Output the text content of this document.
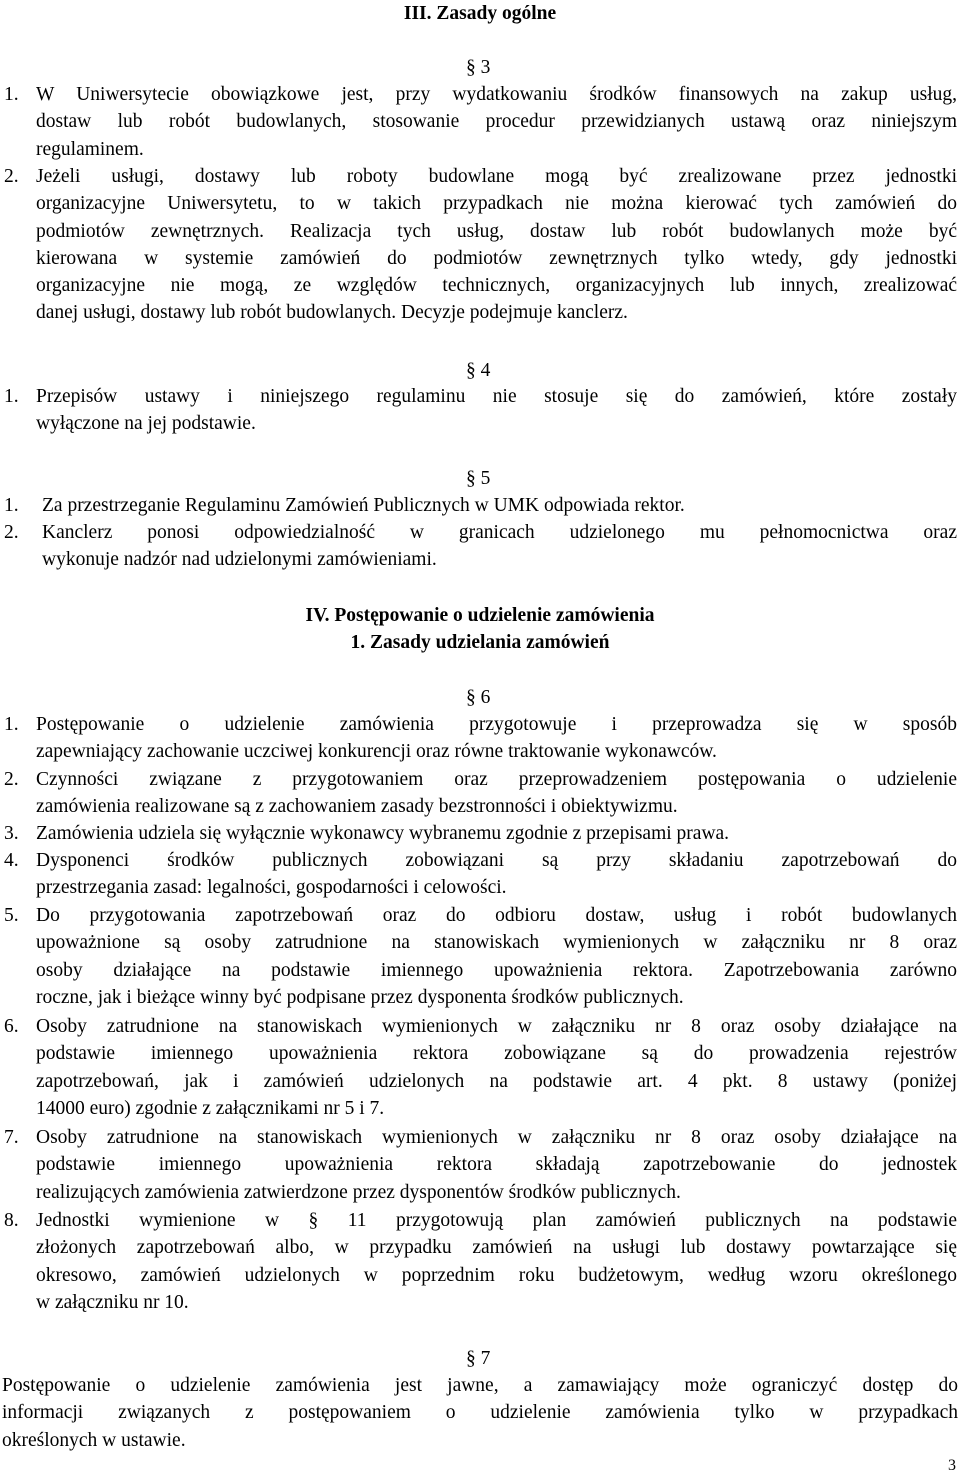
III. Zasady ogólne
§ 3
1. W Uniwersytecie obowiązkowe jest, przy wydatkowaniu środków finansowych na zakup usług,
dostaw lub robót budowlanych, stosowanie procedur przewidzianych ustawą oraz niniejszym
regulaminem.
2. Jeżeli usługi, dostawy lub roboty budowlane mogą być zrealizowane przez jednostki
organizacyjne Uniwersytetu, to w takich przypadkach nie można kierować tych zamówień do
podmiotów zewnętrznych. Realizacja tych usług, dostaw lub robót budowlanych może być
kierowana w systemie zamówień do podmiotów zewnętrznych tylko wtedy, gdy jednostki
organizacyjne nie mogą, ze względów technicznych, organizacyjnych lub innych, zrealizować
danej usługi, dostawy lub robót budowlanych. Decyzje podejmuje kanclerz.
§ 4
1. Przepisów ustawy i niniejszego regulaminu nie stosuje się do zamówień, które zostały
wyłączone na jej podstawie.
§ 5
1. Za przestrzeganie Regulaminu Zamówień Publicznych w UMK odpowiada rektor.
2. Kanclerz ponosi odpowiedzialność w granicach udzielonego mu pełnomocnictwa oraz
wykonuje nadzór nad udzielonymi zamówieniami.
IV. Postępowanie o udzielenie zamówienia
1. Zasady udzielania zamówień
§ 6
1. Postępowanie o udzielenie zamówienia przygotowuje i przeprowadza się w sposób
zapewniający zachowanie uczciwej konkurencji oraz równe traktowanie wykonawców.
2. Czynności związane z przygotowaniem oraz przeprowadzeniem postępowania o udzielenie
zamówienia realizowane są z zachowaniem zasady bezstronności i obiektywizmu.
3. Zamówienia udziela się wyłącznie wykonawcy wybranemu zgodnie z przepisami prawa.
4. Dysponenci środków publicznych zobowiązani są przy składaniu zapotrzebowań do
przestrzegania zasad: legalności, gospodarności i celowości.
5. Do przygotowania zapotrzebowań oraz do odbioru dostaw, usług i robót budowlanych
upoważnione są osoby zatrudnione na stanowiskach wymienionych w załączniku nr 8 oraz
osoby działające na podstawie imiennego upoważnienia rektora. Zapotrzebowania zarówno
roczne, jak i bieżące winny być podpisane przez dysponenta środków publicznych.
6. Osoby zatrudnione na stanowiskach wymienionych w załączniku nr 8 oraz osoby działające na
podstawie imiennego upoważnienia rektora zobowiązane są do prowadzenia rejestrów
zapotrzebowań, jak i zamówień udzielonych na podstawie art. 4 pkt. 8 ustawy (poniżej
14000 euro) zgodnie z załącznikami nr 5 i 7.
7. Osoby zatrudnione na stanowiskach wymienionych w załączniku nr 8 oraz osoby działające na
podstawie imiennego upoważnienia rektora składają zapotrzebowanie do jednostek
realizujących zamówienia zatwierdzone przez dysponentów środków publicznych.
8. Jednostki wymienione w § 11 przygotowują plan zamówień publicznych na podstawie
złożonych zapotrzebowań albo, w przypadku zamówień na usługi lub dostawy powtarzające się
okresowo, zamówień udzielonych w poprzednim roku budżetowym, według wzoru określonego
w załączniku nr 10.
§ 7
Postępowanie o udzielenie zamówienia jest jawne, a zamawiający może ograniczyć dostęp do
informacji związanych z postępowaniem o udzielenie zamówienia tylko w przypadkach
określonych w ustawie.
3
